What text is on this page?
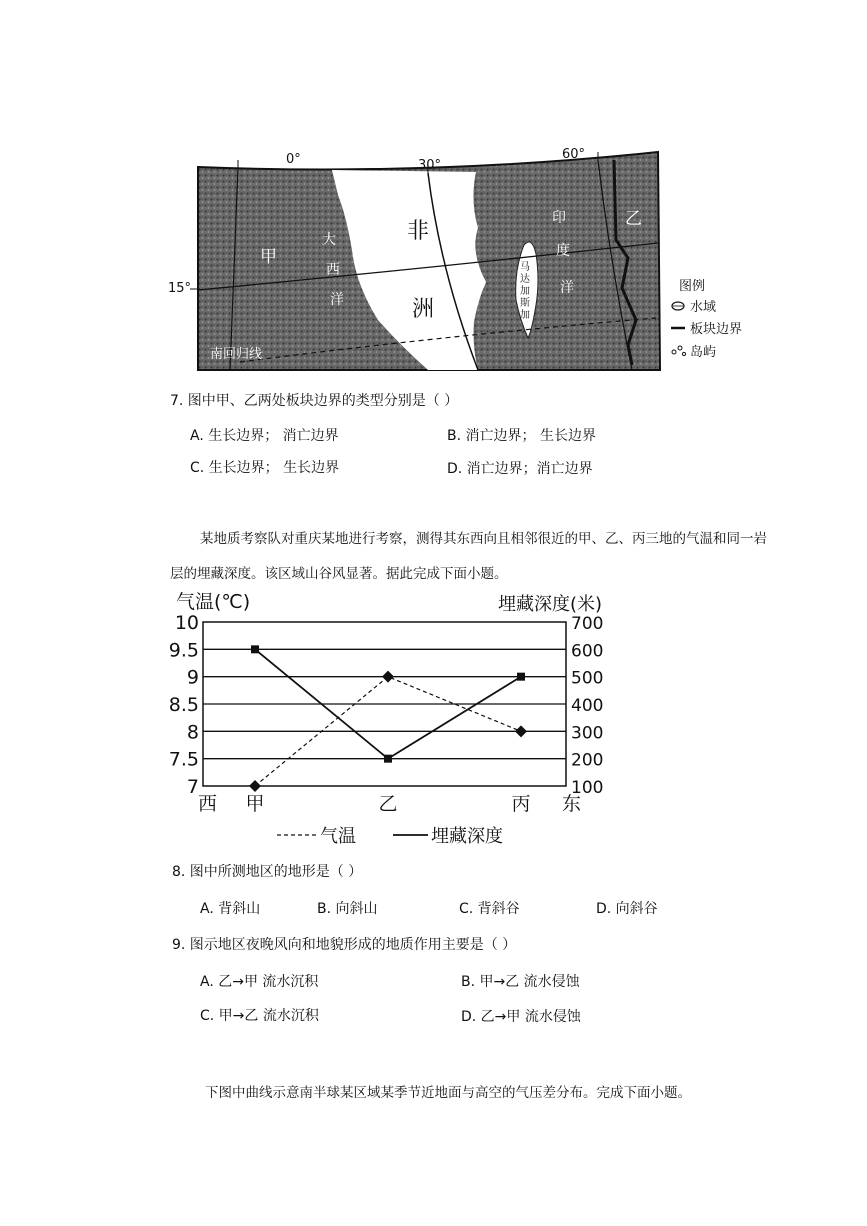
0°	30°
60°
15°
非
洲
大
西
洋
甲
乙
印
度
洋
马
达
加
斯
加
南回归线
图例
水域
板块边界
岛屿
7. 图中甲、乙两处板块边界的类型分别是（ ）
A. 生长边界； 消亡边界	B. 消亡边界； 生长边界
C. 生长边界； 生长边界	D. 消亡边界；消亡边界
某地质考察队对重庆某地进行考察，测得其东西向且相邻很近的甲、乙、丙三地的气温和同一岩
层的埋藏深度。该区域山谷风显著。据此完成下面小题。
10
9.5
9
8.5
8
7.5
7
700
600
500
400
300
200
100
气温(℃)	埋藏深度(米)
甲	乙	丙
西	东
气温	埋藏深度
8. 图中所测地区的地形是（ ）
A. 背斜山	B. 向斜山	C. 背斜谷	D. 向斜谷
9. 图示地区夜晚风向和地貌形成的地质作用主要是（ ）
A. 乙→甲 流水沉积	B. 甲→乙 流水侵蚀
C. 甲→乙 流水沉积	D. 乙→甲 流水侵蚀
下图中曲线示意南半球某区域某季节近地面与高空的气压差分布。完成下面小题。
